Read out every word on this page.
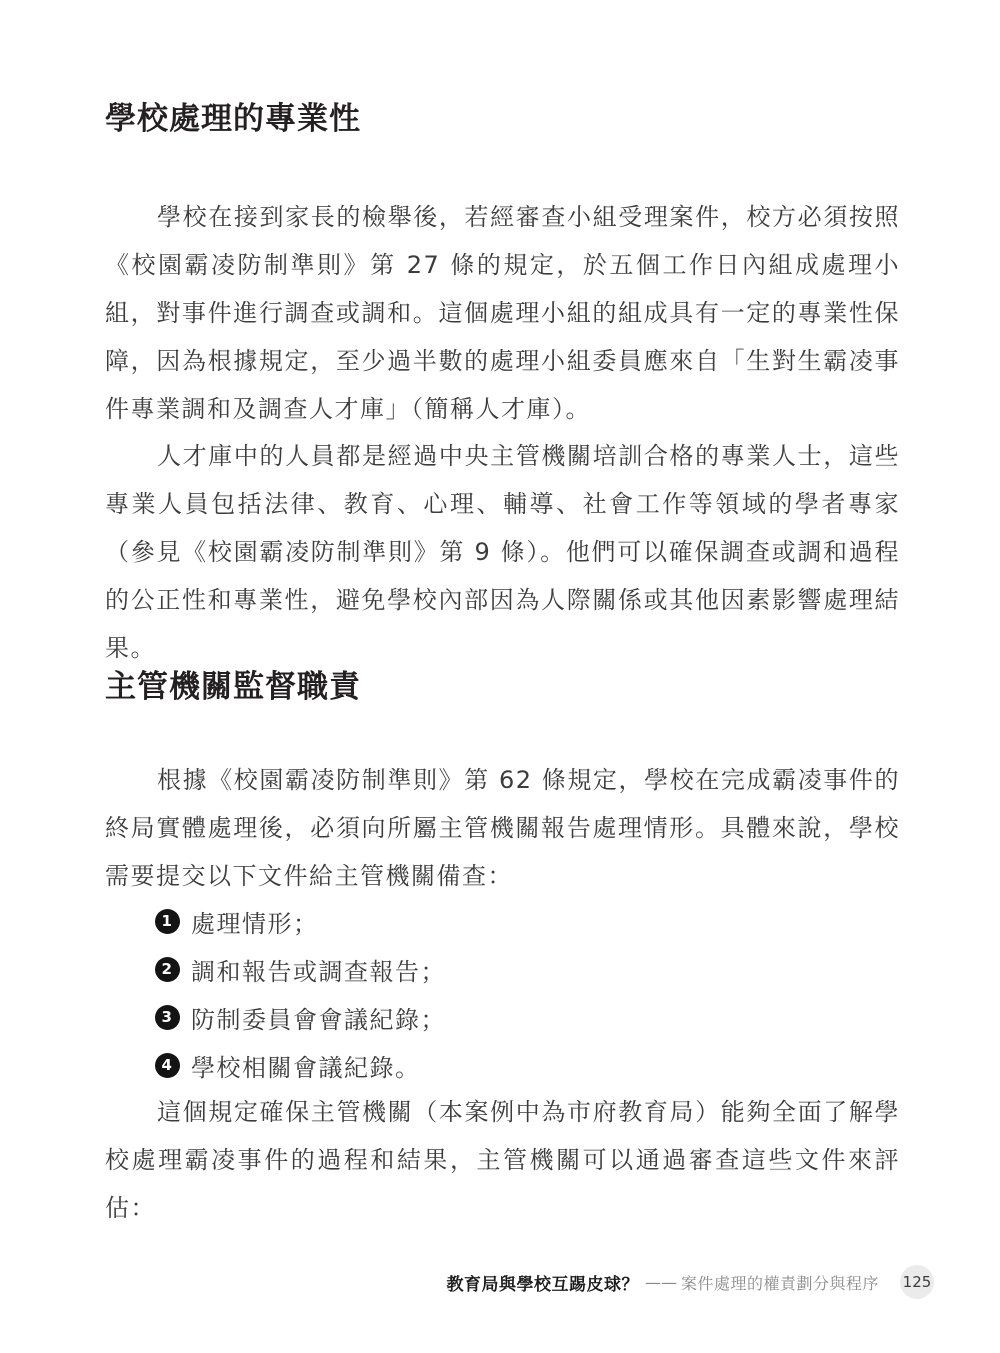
學校處理的專業性

學校在接到家長的檢舉後，若經審查小組受理案件，校方必須按照《校園霸凌防制準則》第 27 條的規定，於五個工作日內組成處理小組，對事件進行調查或調和。這個處理小組的組成具有一定的專業性保障，因為根據規定，至少過半數的處理小組委員應來自「生對生霸凌事件專業調和及調查人才庫」（簡稱人才庫）。

人才庫中的人員都是經過中央主管機關培訓合格的專業人士，這些專業人員包括法律、教育、心理、輔導、社會工作等領域的學者專家（參見《校園霸凌防制準則》第 9 條）。他們可以確保調查或調和過程的公正性和專業性，避免學校內部因為人際關係或其他因素影響處理結果。

主管機關監督職責

根據《校園霸凌防制準則》第 62 條規定，學校在完成霸凌事件的終局實體處理後，必須向所屬主管機關報告處理情形。具體來說，學校需要提交以下文件給主管機關備查：

1 處理情形；
2 調和報告或調查報告；
3 防制委員會會議紀錄；
4 學校相關會議紀錄。

這個規定確保主管機關（本案例中為市府教育局）能夠全面了解學校處理霸凌事件的過程和結果，主管機關可以通過審查這些文件來評估：

教育局與學校互踢皮球？ —— 案件處理的權責劃分與程序 125
